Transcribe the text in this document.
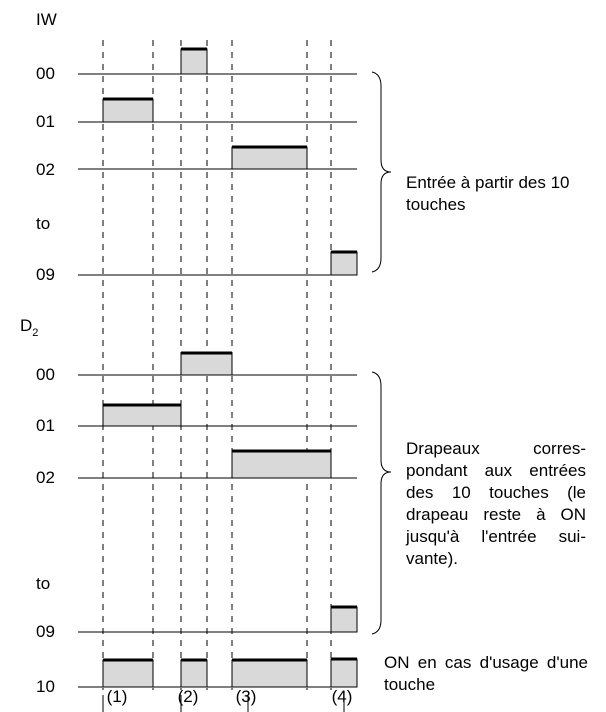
IW
00
01
02
to
09
$D_2$
00
01
02
to
09
10
Entrée à partir des 10 touches
Drapeaux corres-pondant aux entrées des 10 touches (le drapeau reste à ON jusqu'à l'entrée sui-vante).
ON en cas d'usage d'une touche
(1)	(2)	(3)	(4)
